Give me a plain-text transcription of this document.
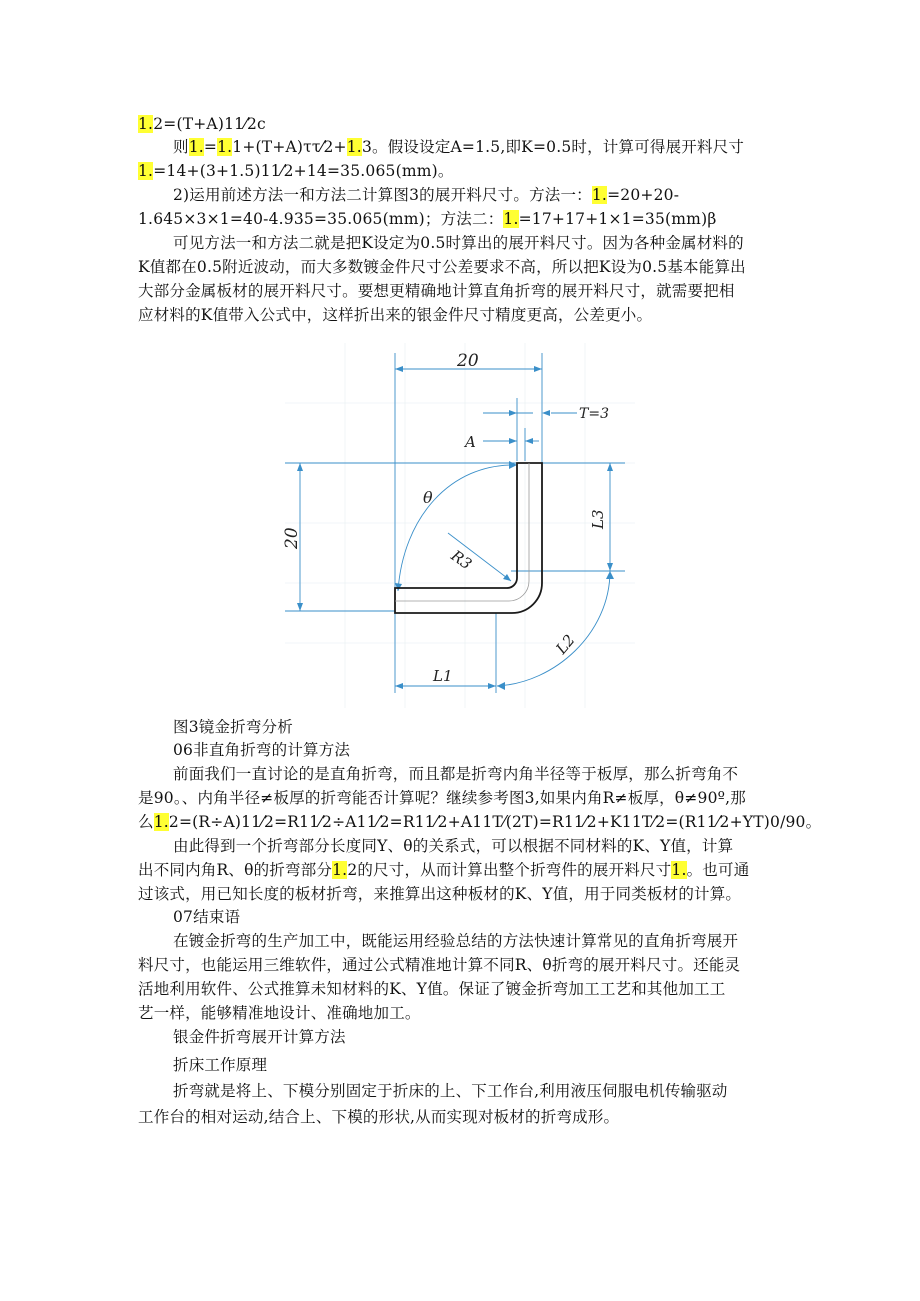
1.2=(T+A)11⁄2c
则1.=1.1+(T+A)ττ⁄2+1.3。假设设定A=1.5,即K=0.5时，计算可得展开料尺寸
1.=14+(3+1.5)11⁄2+14=35.065(mm)。
2)运用前述方法一和方法二计算图3的展开料尺寸。方法一：1.=20+20-
1.645×3×1=40-4.935=35.065(mm)；方法二：1.=17+17+1×1=35(mm)β
可见方法一和方法二就是把K设定为0.5时算出的展开料尺寸。因为各种金属材料的
K值都在0.5附近波动，而大多数镀金件尺寸公差要求不高，所以把K设为0.5基本能算出
大部分金属板材的展开料尺寸。要想更精确地计算直角折弯的展开料尺寸，就需要把相
应材料的K值带入公式中，这样折出来的银金件尺寸精度更高，公差更小。
图3镜金折弯分析
06非直角折弯的计算方法
前面我们一直讨论的是直角折弯，而且都是折弯内角半径等于板厚，那么折弯角不
是90。、内角半径≠板厚的折弯能否计算呢？继续参考图3,如果内角R≠板厚，θ≠90º,那
么1.2=(R÷A)11⁄2=R11⁄2÷A11⁄2=R11⁄2+A11T⁄(2T)=R11⁄2+K11T⁄2=(R11⁄2+YT)0/90。
由此得到一个折弯部分长度同Y、θ的关系式，可以根据不同材料的K、Y值，计算
出不同内角R、θ的折弯部分1.2的尺寸，从而计算出整个折弯件的展开料尺寸1.。也可通
过该式，用已知长度的板材折弯，来推算出这种板材的K、Y值，用于同类板材的计算。
07结束语
在镀金折弯的生产加工中，既能运用经验总结的方法快速计算常见的直角折弯展开
料尺寸，也能运用三维软件，通过公式精准地计算不同R、θ折弯的展开料尺寸。还能灵
活地利用软件、公式推算未知材料的K、Y值。保证了镀金折弯加工工艺和其他加工工
艺一样，能够精准地设计、准确地加工。
银金件折弯展开计算方法
折床工作原理
折弯就是将上、下模分别固定于折床的上、下工作台,利用液压伺服电机传输驱动
工作台的相对运动,结合上、下模的形状,从而实现对板材的折弯成形。
20
T=3
A
θ
R3
20
L3
L2
L1
